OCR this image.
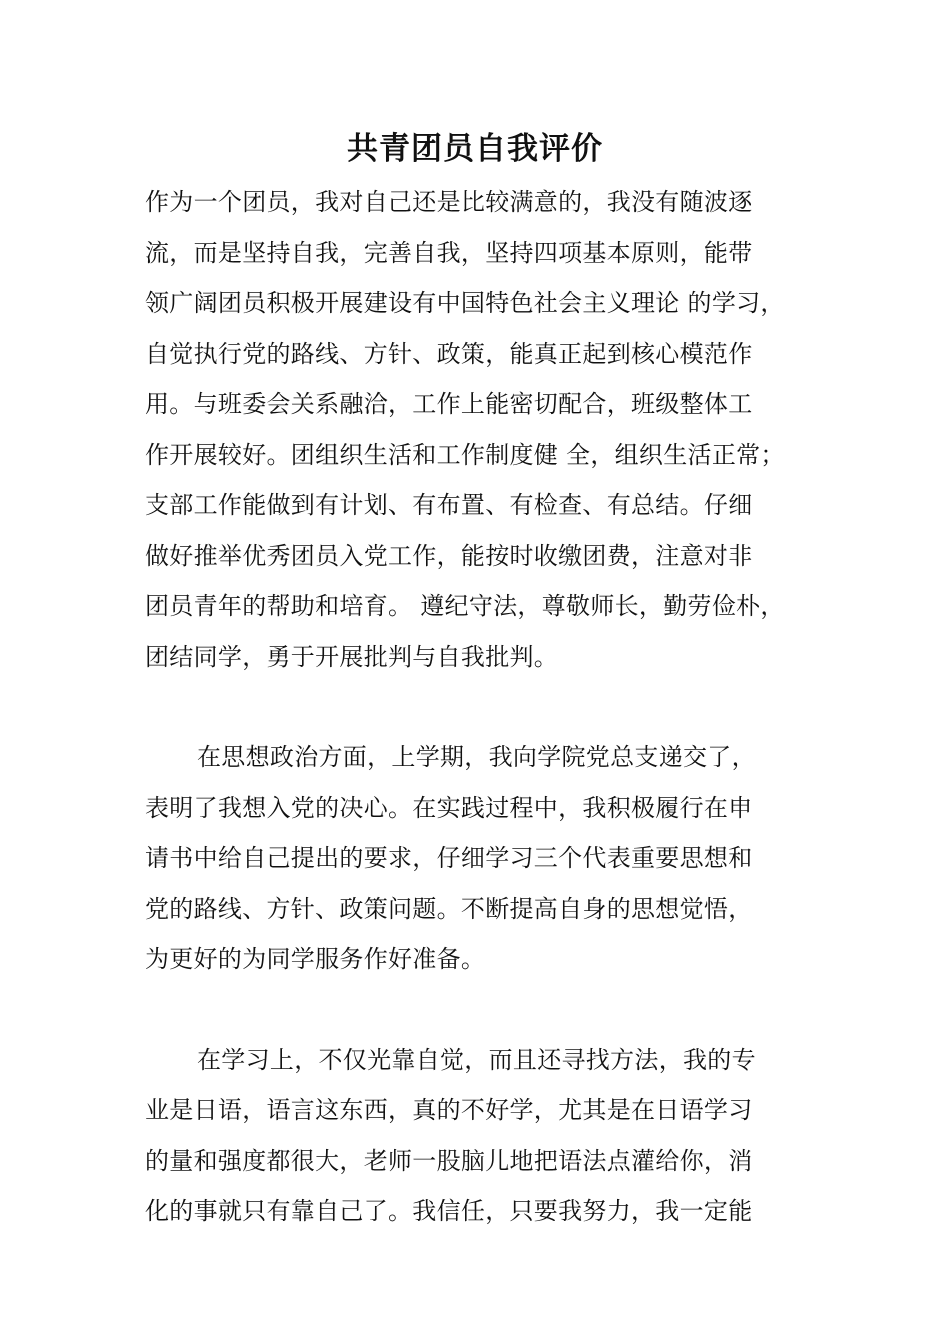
共青团员自我评价
作为一个团员，我对自己还是比较满意的，我没有随波逐
流，而是坚持自我，完善自我，坚持四项基本原则，能带
领广阔团员积极开展建设有中国特色社会主义理论 的学习，
自觉执行党的路线、方针、政策，能真正起到核心模范作
用。与班委会关系融洽，工作上能密切配合，班级整体工
作开展较好。团组织生活和工作制度健 全，组织生活正常；
支部工作能做到有计划、有布置、有检查、有总结。仔细
做好推举优秀团员入党工作，能按时收缴团费，注意对非
团员青年的帮助和培育。 遵纪守法，尊敬师长，勤劳俭朴，
团结同学，勇于开展批判与自我批判。
在思想政治方面，上学期，我向学院党总支递交了，
表明了我想入党的决心。在实践过程中，我积极履行在申
请书中给自己提出的要求，仔细学习三个代表重要思想和
党的路线、方针、政策问题。不断提高自身的思想觉悟，
为更好的为同学服务作好准备。
在学习上，不仅光靠自觉，而且还寻找方法，我的专
业是日语，语言这东西，真的不好学，尤其是在日语学习
的量和强度都很大，老师一股脑儿地把语法点灌给你，消
化的事就只有靠自己了。我信任，只要我努力，我一定能
